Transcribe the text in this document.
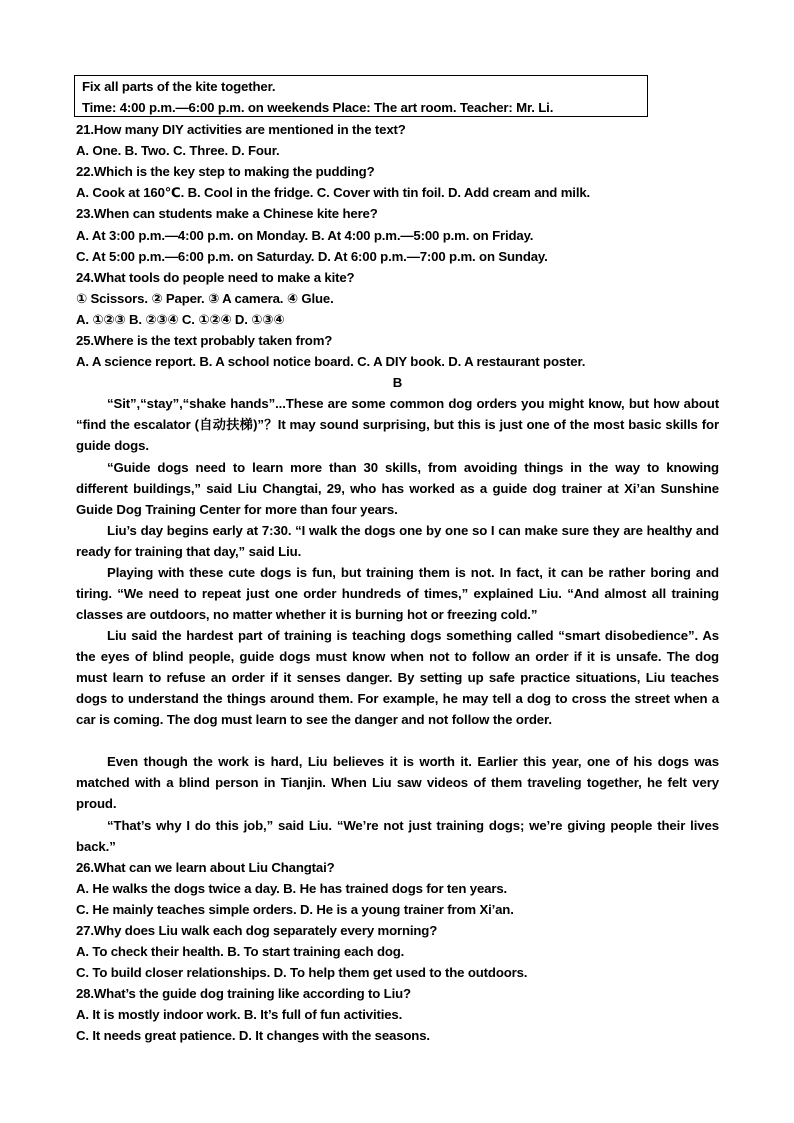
Fix all parts of the kite together.
Time: 4:00 p.m.—6:00 p.m. on weekends Place: The art room. Teacher: Mr. Li.
21.How many DIY activities are mentioned in the text?
A. One. B. Two. C. Three. D. Four.
22.Which is the key step to making the pudding?
A. Cook at 160℃. B. Cool in the fridge. C. Cover with tin foil. D. Add cream and milk.
23.When can students make a Chinese kite here?
A. At 3:00 p.m.—4:00 p.m. on Monday. B. At 4:00 p.m.—5:00 p.m. on Friday.
C. At 5:00 p.m.—6:00 p.m. on Saturday. D. At 6:00 p.m.—7:00 p.m. on Sunday.
24.What tools do people need to make a kite?
① Scissors. ② Paper. ③ A camera. ④ Glue.
A. ①②③ B. ②③④ C. ①②④ D. ①③④
25.Where is the text probably taken from?
A. A science report. B. A school notice board. C. A DIY book. D. A restaurant poster.
B
“Sit”,“stay”,“shake hands”...These are some common dog orders you might know, but how about “find the escalator (自动扶梯)”？It may sound surprising, but this is just one of the most basic skills for guide dogs.
“Guide dogs need to learn more than 30 skills, from avoiding things in the way to knowing different buildings,” said Liu Changtai, 29, who has worked as a guide dog trainer at Xi’an Sunshine Guide Dog Training Center for more than four years.
Liu’s day begins early at 7:30. “I walk the dogs one by one so I can make sure they are healthy and ready for training that day,” said Liu.
Playing with these cute dogs is fun, but training them is not. In fact, it can be rather boring and tiring. “We need to repeat just one order hundreds of times,” explained Liu. “And almost all training classes are outdoors, no matter whether it is burning hot or freezing cold.”
Liu said the hardest part of training is teaching dogs something called “smart disobedience”. As the eyes of blind people, guide dogs must know when not to follow an order if it is unsafe. The dog must learn to refuse an order if it senses danger. By setting up safe practice situations, Liu teaches dogs to understand the things around them. For example, he may tell a dog to cross the street when a car is coming. The dog must learn to see the danger and not follow the order.
Even though the work is hard, Liu believes it is worth it. Earlier this year, one of his dogs was matched with a blind person in Tianjin. When Liu saw videos of them traveling together, he felt very proud.
“That’s why I do this job,” said Liu. “We’re not just training dogs; we’re giving people their lives back.”
26.What can we learn about Liu Changtai?
A. He walks the dogs twice a day. B. He has trained dogs for ten years.
C. He mainly teaches simple orders. D. He is a young trainer from Xi’an.
27.Why does Liu walk each dog separately every morning?
A. To check their health. B. To start training each dog.
C. To build closer relationships. D. To help them get used to the outdoors.
28.What’s the guide dog training like according to Liu?
A. It is mostly indoor work. B. It’s full of fun activities.
C. It needs great patience. D. It changes with the seasons.
